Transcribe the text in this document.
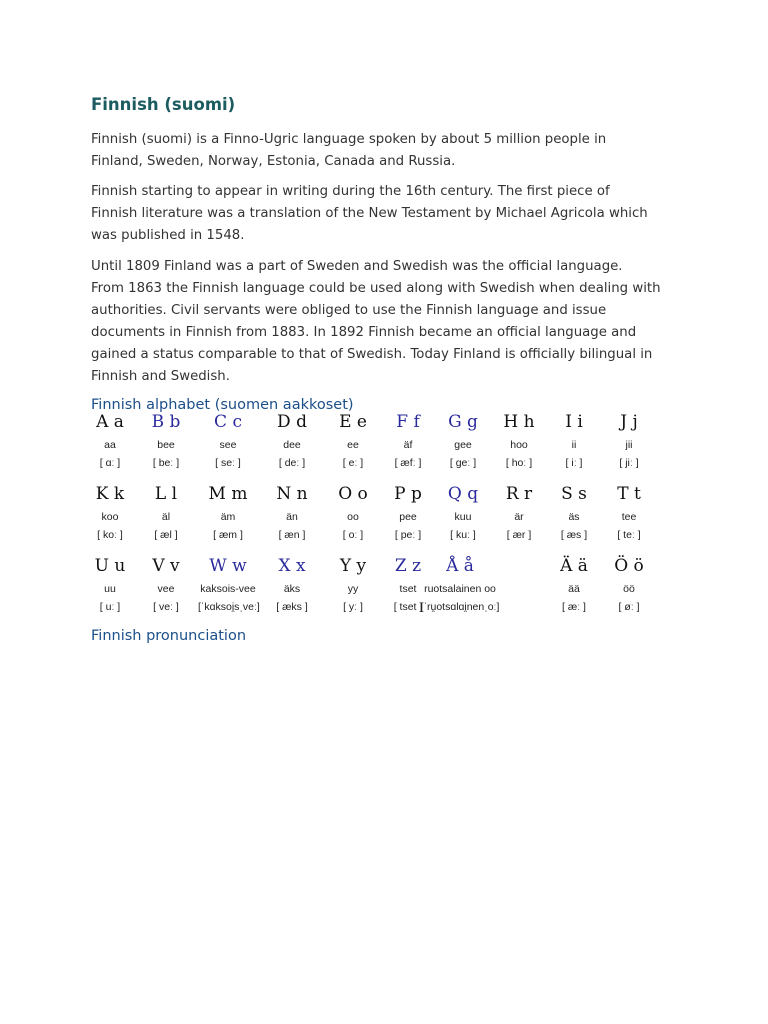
Finnish (suomi)

Finnish (suomi) is a Finno-Ugric language spoken by about 5 million people in
Finland, Sweden, Norway, Estonia, Canada and Russia.

Finnish starting to appear in writing during the 16th century. The first piece of
Finnish literature was a translation of the New Testament by Michael Agricola which
was published in 1548.

Until 1809 Finland was a part of Sweden and Swedish was the official language.
From 1863 the Finnish language could be used along with Swedish when dealing with
authorities. Civil servants were obliged to use the Finnish language and issue
documents in Finnish from 1883. In 1892 Finnish became an official language and
gained a status comparable to that of Swedish. Today Finland is officially bilingual in
Finnish and Swedish.

Finnish alphabet (suomen aakkoset)
A a
aa
[ ɑː ]
B b
bee
[ beː ]
C c
see
[ seː ]
D d
dee
[ deː ]
E e
ee
[ eː ]
F f
äf
[ æfː ]
G g
gee
[ geː ]
H h
hoo
[ hoː ]
I i
ii
[ iː ]
J j
jii
[ jiː ]
K k
koo
[ koː ]
L l
äl
[ æl ]
M m
äm
[ æm ]
N n
än
[ æn ]
O o
oo
[ oː ]
P p
pee
[ peː ]
Q q
kuu
[ kuː ]
R r
är
[ ær ]
S s
äs
[ æs ]
T t
tee
[ teː ]
U u
uu
[ uː ]
V v
vee
[ veː ]
W w
kaksois-vee
[ˈkɑksoi̯sˌveː]
X x
äks
[ æks ]
Y y
yy
[ yː ]
Z z
tset
[ tset ]
Å å
ruotsalainen oo
[ˈru̯otsɑlɑi̯nenˌoː]
Ä ä
ää
[ æː ]
Ö ö
öö
[ øː ]
Finnish pronunciation
